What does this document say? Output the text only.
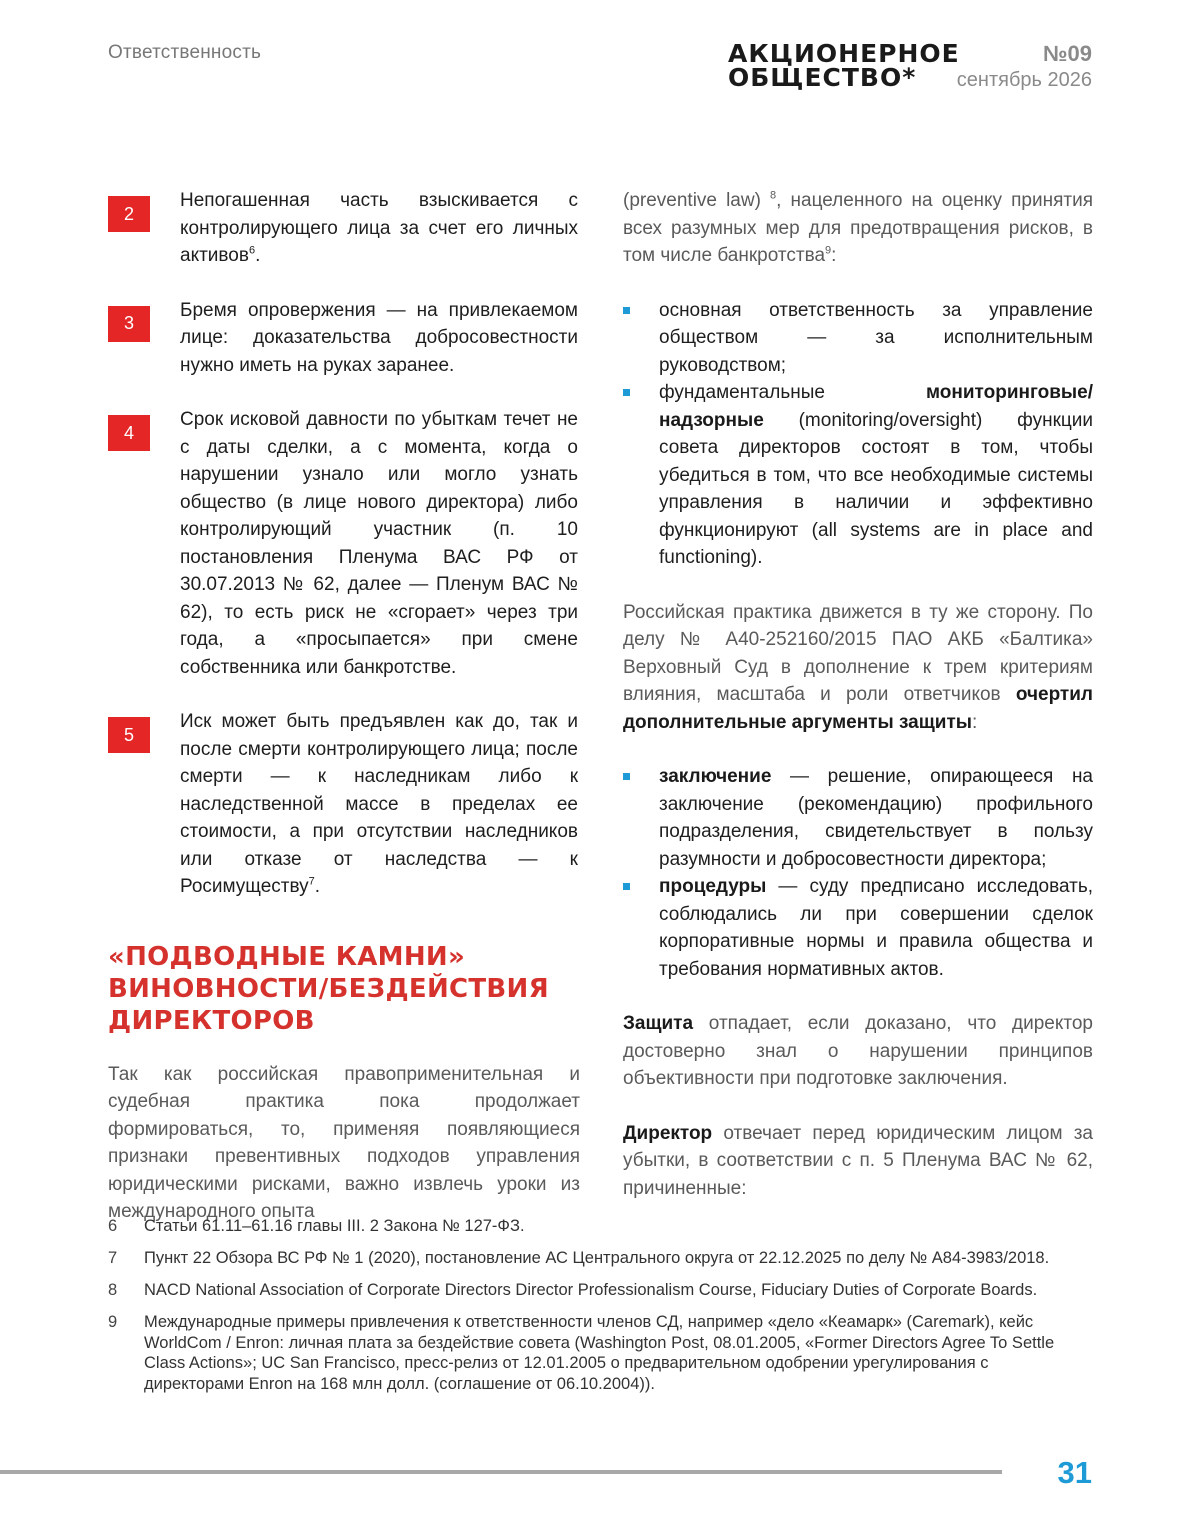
Ответственность	АКЦИОНЕРНОЕ
ОБЩЕСТВО*
№09
сентябрь 2026
2
Непогашенная часть взыскивается с контролирующего лица за счет его личных активов$^6$.
3
Бремя опровержения — на привлекаемом лице: доказательства добросовестности нужно иметь на руках заранее.
4
Срок исковой давности по убыткам течет не с даты сделки, а с момента, когда о нарушении узнало или могло узнать общество (в лице нового директора) либо контролирующий участник (п. 10 постановления Пленума ВАС РФ от 30.07.2013 № 62, далее — Пленум ВАС № 62), то есть риск не «сгорает» через три года, а «просыпается» при смене собственника или банкротстве.
5
Иск может быть предъявлен как до, так и после смерти контролирующего лица; после смерти — к наследникам либо к наследственной массе в пределах ее стоимости, а при отсутствии наследников или отказе от наследства — к Росимуществу$^7$.
«ПОДВОДНЫЕ КАМНИ»
ВИНОВНОСТИ/БЕЗДЕЙСТВИЯ
ДИРЕКТОРОВ

Так как российская правоприменительная и судебная практика пока продолжает формироваться, то, применяя появляющиеся признаки превентивных подходов управления юридическими рисками, важно извлечь уроки из международного опыта

(preventive law) $^8$, нацеленного на оценку принятия всех разумных мер для предотвращения рисков, в том числе банкротства$^9$:

основная ответственность за управление обществом — за исполнительным руководством;
фундаментальные мониторинговые/надзорные (monitoring/oversight) функции совета директоров состоят в том, чтобы убедиться в том, что все необходимые системы управления в наличии и эффективно функционируют (all systems are in place and functioning).

Российская практика движется в ту же сторону. По делу № А40-252160/2015 ПАО АКБ «Балтика» Верховный Суд в дополнение к трем критериям влияния, масштаба и роли ответчиков очертил дополнительные аргументы защиты:

заключение — решение, опирающееся на заключение (рекомендацию) профильного подразделения, свидетельствует в пользу разумности и добросовестности директора;
процедуры — суду предписано исследовать, соблюдались ли при совершении сделок корпоративные нормы и правила общества и требования нормативных актов.

Защита отпадает, если доказано, что директор достоверно знал о нарушении принципов объективности при подготовке заключения.

Директор отвечает перед юридическим лицом за убытки, в соответствии с п. 5 Пленума ВАС № 62, причиненные:

6	Статьи 61.11–61.16 главы III. 2 Закона № 127-ФЗ.
7	Пункт 22 Обзора ВС РФ № 1 (2020), постановление АС Центрального округа от 22.12.2025 по делу № А84-3983/2018.
8	NACD National Association of Corporate Directors Director Professionalism Course, Fiduciary Duties of Corporate Boards.
9	Международные примеры привлечения к ответственности членов СД, например «дело «Кеамарк» (Caremark), кейс WorldCom / Enron: личная плата за бездействие совета (Washington Post, 08.01.2005, «Former Directors Agree To Settle Class Actions»; UC San Francisco, пресс-релиз от 12.01.2005 о предварительном одобрении урегулирования с директорами Enron на 168 млн долл. (соглашение от 06.10.2004)).
31
